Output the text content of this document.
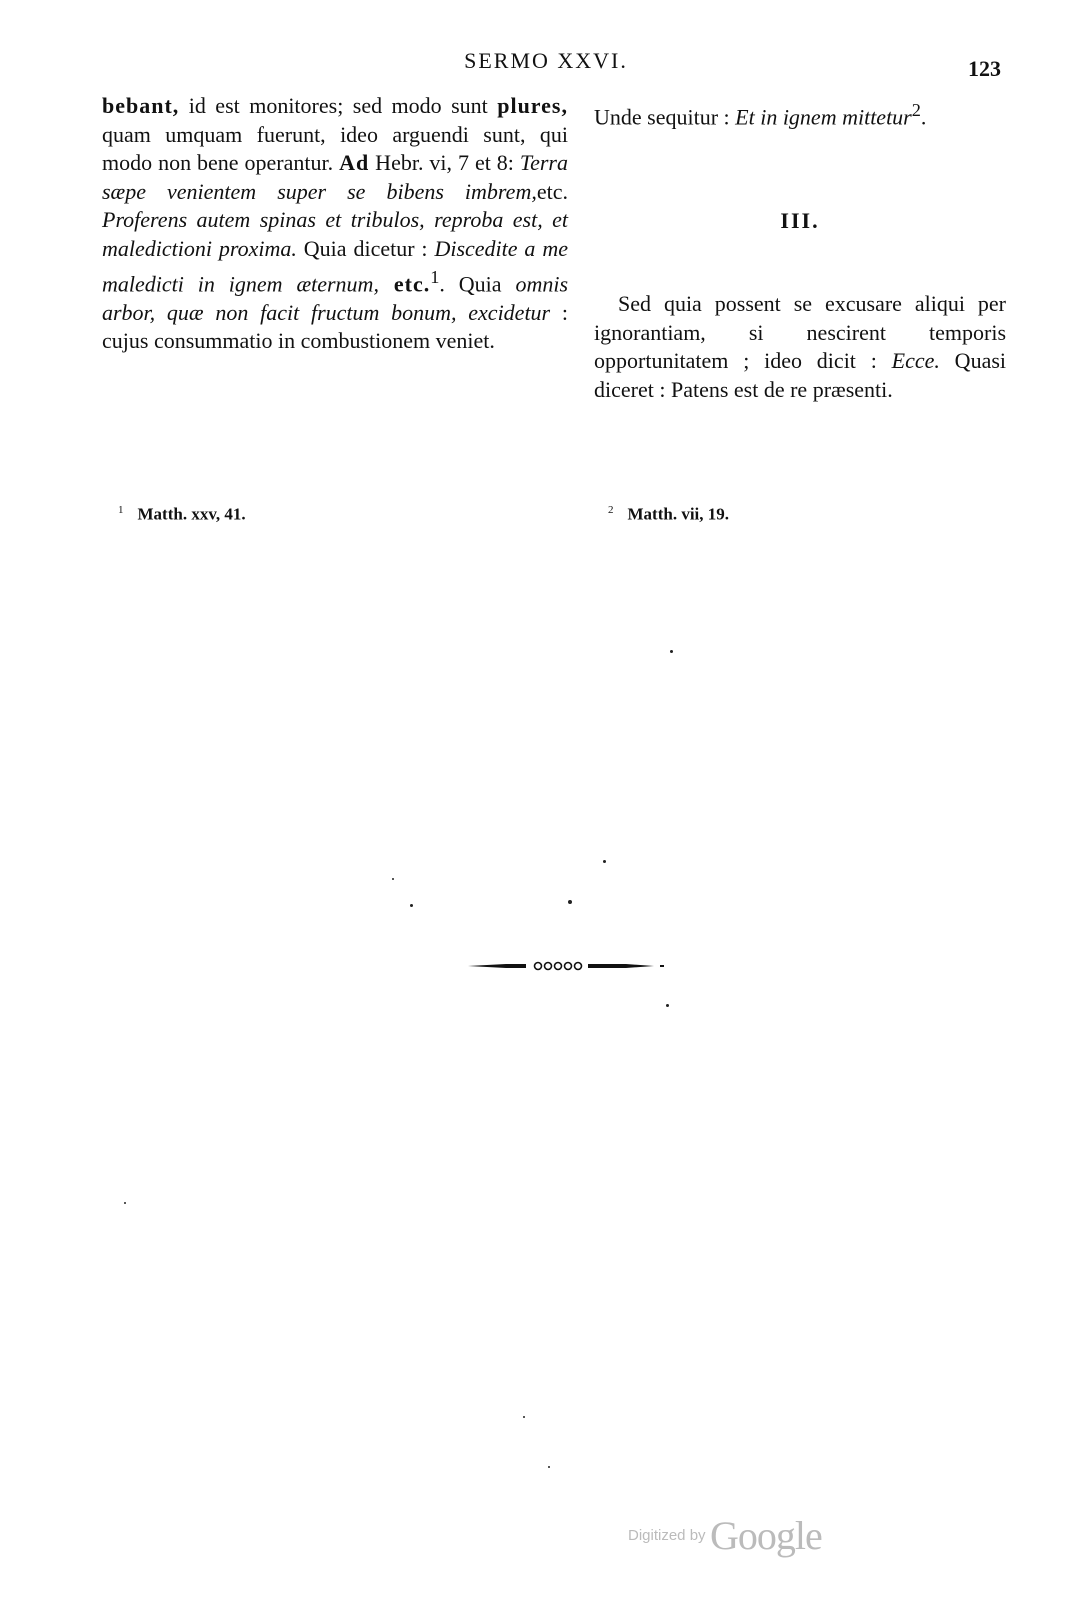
SERMO XXVI.	123
bebant, id est monitores; sed modo sunt plures, quam umquam fuerunt, ideo arguendi sunt, qui modo non bene operantur. Ad Hebr. vi, 7 et 8: Terra sæpe venientem super se bibens imbrem,etc. Proferens autem spinas et tribulos, reproba est, et maledictioni proxima. Quia dicetur : Discedite a me maledicti in ignem æternum, etc.$^1$. Quia omnis arbor, quæ non facit fructum bonum, excidetur : cujus consummatio in combustionem veniet.
Unde sequitur : Et in ignem mittetur$^2$.
III.
Sed quia possent se excusare aliqui per ignorantiam, si nescirent temporis opportunitatem ; ideo dicit : Ecce. Quasi diceret : Patens est de re præsenti.
$^1$ Matth. xxv, 41.	$^2$ Matth. vii, 19.
Digitized by Google
